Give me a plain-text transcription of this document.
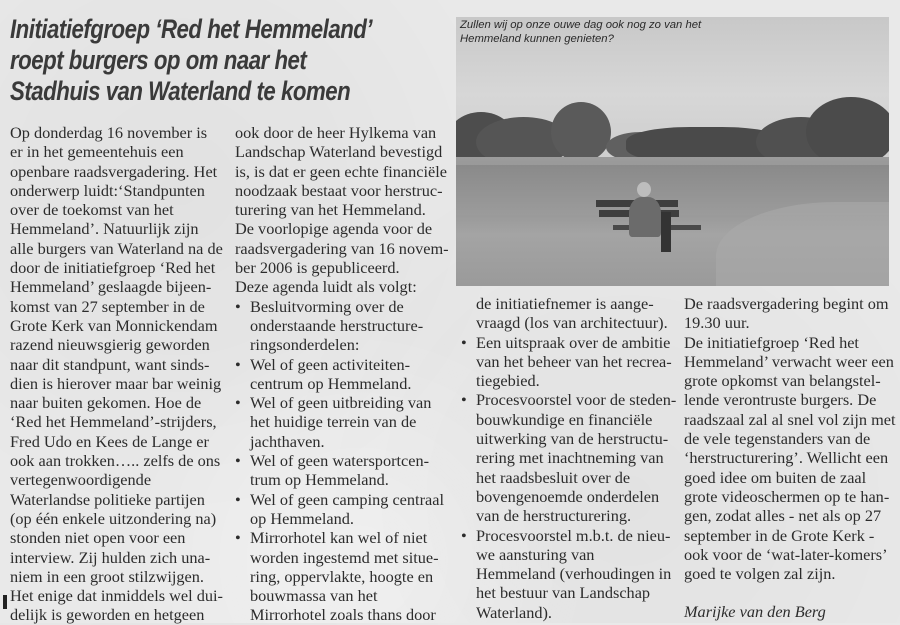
Initiatiefgroep ‘Red het Hemmeland’
roept burgers op om naar het
Stadhuis van Waterland te komen
Zullen wij op onze ouwe dag ook nog zo van het
Hemmeland kunnen genieten?
Op donderdag 16 november is
er in het gemeentehuis een
openbare raadsvergadering. Het
onderwerp luidt:‘Standpunten
over de toekomst van het
Hemmeland’. Natuurlijk zijn
alle burgers van Waterland na de
door de initiatiefgroep ‘Red het
Hemmeland’ geslaagde bijeen-
komst van 27 september in de
Grote Kerk van Monnickendam
razend nieuwsgierig geworden
naar dit standpunt, want sinds-
dien is hierover maar bar weinig
naar buiten gekomen. Hoe de
‘Red het Hemmeland’-strijders,
Fred Udo en Kees de Lange er
ook aan trokken….. zelfs de ons
vertegenwoordigende
Waterlandse politieke partijen
(op één enkele uitzondering na)
stonden niet open voor een
interview. Zij hulden zich una-
niem in een groot stilzwijgen.
Het enige dat inmiddels wel dui-
delijk is geworden en hetgeen
ook door de heer Hylkema van
Landschap Waterland bevestigd
is, is dat er geen echte financiële
noodzaak bestaat voor herstruc-
turering van het Hemmeland.
De voorlopige agenda voor de
raadsvergadering van 16 novem-
ber 2006 is gepubliceerd.
Deze agenda luidt als volgt:
• Besluitvorming over de
onderstaande herstructure-
ringsonderdelen:
• Wel of geen activiteiten-
centrum op Hemmeland.
• Wel of geen uitbreiding van
het huidige terrein van de
jachthaven.
• Wel of geen watersportcen-
trum op Hemmeland.
• Wel of geen camping centraal
op Hemmeland.
• Mirrorhotel kan wel of niet
worden ingestemd met situe-
ring, oppervlakte, hoogte en
bouwmassa van het
Mirrorhotel zoals thans door
de initiatiefnemer is aange-
vraagd (los van architectuur).
• Een uitspraak over de ambitie
van het beheer van het recrea-
tiegebied.
• Procesvoorstel voor de steden-
bouwkundige en financiële
uitwerking van de herstructu-
rering met inachtneming van
het raadsbesluit over de
bovengenoemde onderdelen
van de herstructurering.
• Procesvoorstel m.b.t. de nieu-
we aansturing van
Hemmeland (verhoudingen in
het bestuur van Landschap
Waterland).
De raadsvergadering begint om
19.30 uur.
De initiatiefgroep ‘Red het
Hemmeland’ verwacht weer een
grote opkomst van belangstel-
lende verontruste burgers. De
raadszaal zal al snel vol zijn met
de vele tegenstanders van de
‘herstructurering’. Wellicht een
goed idee om buiten de zaal
grote videoschermen op te han-
gen, zodat alles - net als op 27
september in de Grote Kerk -
ook voor de ‘wat-later-komers’
goed te volgen zal zijn.
Marijke van den Berg
